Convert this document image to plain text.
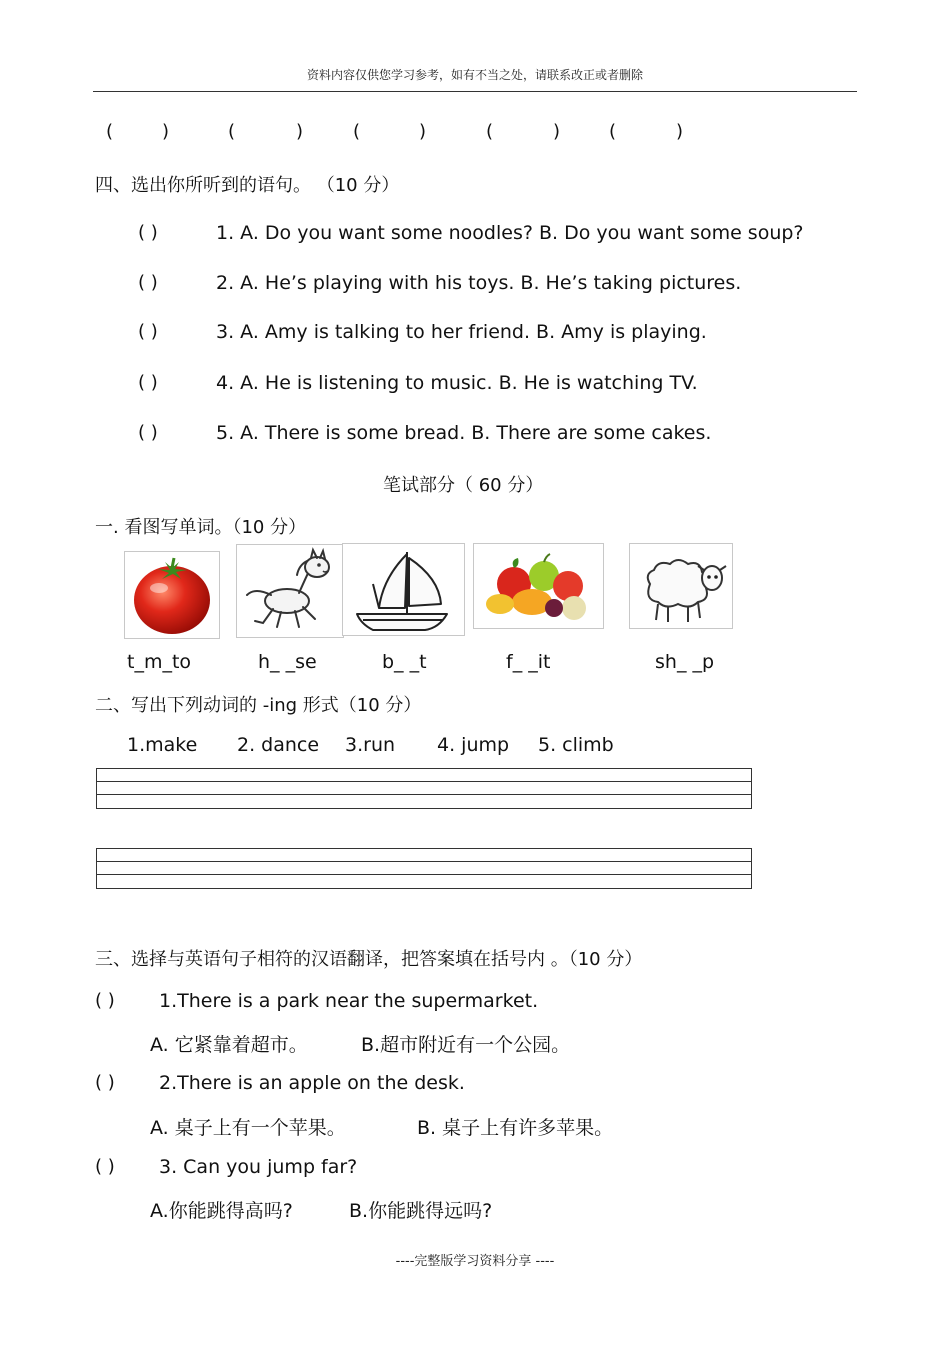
资料内容仅供您学习参考，如有不当之处，请联系改正或者删除
(	)	(	)	(	)	(	)	(	)
四、选出你所听到的语句。 （10 分）
( )	1. A. Do you want some noodles? B. Do you want some soup?
( )	2. A. He’s playing with his toys. B. He’s taking pictures.
( )	3. A. Amy is talking to her friend. B. Amy is playing.
( )	4. A. He is listening to music. B. He is watching TV.
( )	5. A. There is some bread. B. There are some cakes.
笔试部分（ 60 分）
一. 看图写单词。（10 分）
t_m_to	h_ _se	b_ _t	f_ _it	sh_ _p
二、写出下列动词的 -ing 形式（10 分）
1.make 2. dance 3.run 4. jump 5. climb
三、选择与英语句子相符的汉语翻译，把答案填在括号内 。（10 分）
( ) 1.There is a park near the supermarket.
A. 它紧靠着超市。	B.超市附近有一个公园。
( ) 2.There is an apple on the desk.
A. 桌子上有一个苹果。	B. 桌子上有许多苹果。
( ) 3. Can you jump far?
A.你能跳得高吗?	B.你能跳得远吗?
----完整版学习资料分享 ----
